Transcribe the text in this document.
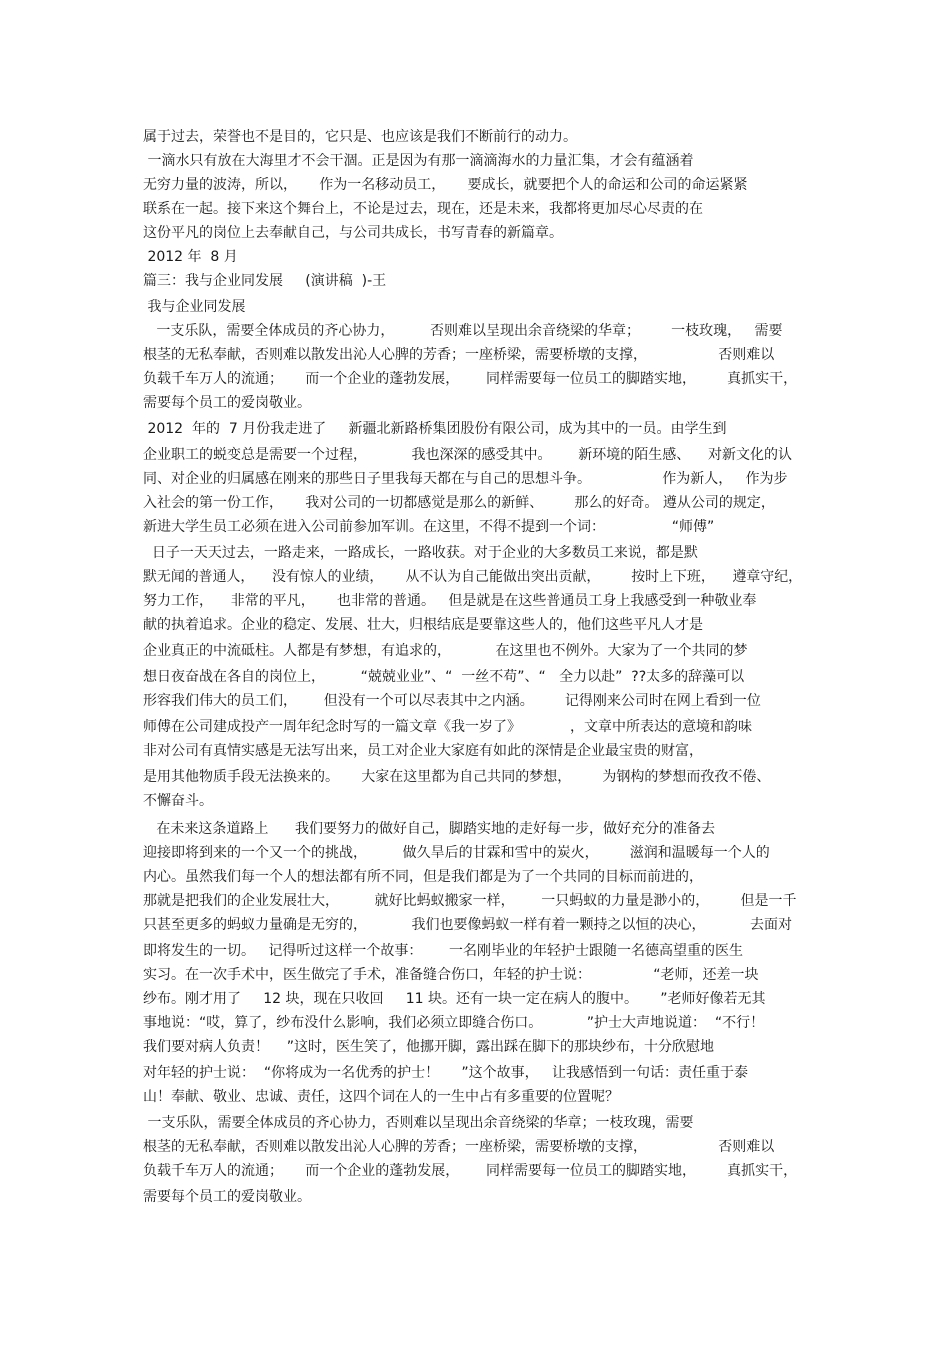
属于过去，荣誉也不是目的，它只是、也应该是我们不断前行的动力。
一滴水只有放在大海里才不会干涸。正是因为有那一滴滴海水的力量汇集，才会有蕴涵着
无穷力量的波涛，所以，     作为一名移动员工，     要成长，就要把个人的命运和公司的命运紧紧
联系在一起。接下来这个舞台上，不论是过去，现在，还是未来，我都将更加尽心尽责的在
这份平凡的岗位上去奉献自己，与公司共成长，书写青春的新篇章。
2012 年  8 月
篇三：我与企业同发展     (演讲稿  )-王
我与企业同发展
一支乐队，需要全体成员的齐心协力，        否则难以呈现出余音绕梁的华章；       一枝玫瑰，   需要
根茎的无私奉献，否则难以散发出沁人心脾的芳香；一座桥梁，需要桥墩的支撑，                否则难以
负载千车万人的流通；     而一个企业的蓬勃发展，      同样需要每一位员工的脚踏实地，       真抓实干，
需要每个员工的爱岗敬业。
2012  年的  7 月份我走进了     新疆北新路桥集团股份有限公司，成为其中的一员。由学生到
企业职工的蜕变总是需要一个过程，          我也深深的感受其中。      新环境的陌生感、    对新文化的认
同、对企业的归属感在刚来的那些日子里我每天都在与自己的思想斗争。                作为新人，   作为步
入社会的第一份工作，     我对公司的一切都感觉是那么的新鲜、       那么的好奇。 遵从公司的规定，
新进大学生员工必须在进入公司前参加军训。在这里，不得不提到一个词：               “师傅”
日子一天天过去，一路走来，一路成长，一路收获。对于企业的大多数员工来说，都是默
默无闻的普通人，    没有惊人的业绩，     从不认为自己能做出突出贡献，       按时上下班，    遵章守纪，
努力工作，    非常的平凡，     也非常的普通。   但是就是在这些普通员工身上我感受到一种敬业奉
献的执着追求。企业的稳定、发展、壮大，归根结底是要靠这些人的，他们这些平凡人才是
企业真正的中流砥柱。人都是有梦想，有追求的，          在这里也不例外。大家为了一个共同的梦
想日夜奋战在各自的岗位上，        “兢兢业业”、“  一丝不苟”、“   全力以赴”  ??太多的辞藻可以
形容我们伟大的员工们，      但没有一个可以尽表其中之内涵。       记得刚来公司时在网上看到一位
师傅在公司建成投产一周年纪念时写的一篇文章《我一岁了》           ，文章中所表达的意境和韵味
非对公司有真情实感是无法写出来，员工对企业大家庭有如此的深情是企业最宝贵的财富，
是用其他物质手段无法换来的。     大家在这里都为自己共同的梦想，       为钢构的梦想而孜孜不倦、
不懈奋斗。
在未来这条道路上      我们要努力的做好自己，脚踏实地的走好每一步，做好充分的准备去
迎接即将到来的一个又一个的挑战，        做久旱后的甘霖和雪中的炭火，       滋润和温暖每一个人的
内心。虽然我们每一个人的想法都有所不同，但是我们都是为了一个共同的目标而前进的，
那就是把我们的企业发展壮大，        就好比蚂蚁搬家一样，      一只蚂蚁的力量是渺小的，       但是一千
只甚至更多的蚂蚁力量确是无穷的，          我们也要像蚂蚁一样有着一颗持之以恒的决心，          去面对
即将发生的一切。   记得听过这样一个故事：      一名刚毕业的年轻护士跟随一名德高望重的医生
实习。在一次手术中，医生做完了手术，准备缝合伤口，年轻的护士说：              “老师，还差一块
纱布。刚才用了     12 块，现在只收回     11 块。还有一块一定在病人的腹中。     ”老师好像若无其
事地说：“哎，算了，纱布没什么影响，我们必须立即缝合伤口。          ”护士大声地说道：  “不行！
我们要对病人负责！    ”这时，医生笑了，他挪开脚，露出踩在脚下的那块纱布，十分欣慰地
对年轻的护士说：  “你将成为一名优秀的护士！     ”这个故事，   让我感悟到一句话：责任重于泰
山！奉献、敬业、忠诚、责任，这四个词在人的一生中占有多重要的位置呢？
一支乐队，需要全体成员的齐心协力，否则难以呈现出余音绕梁的华章；一枝玫瑰，需要
根茎的无私奉献，否则难以散发出沁人心脾的芳香；一座桥梁，需要桥墩的支撑，                否则难以
负载千车万人的流通；     而一个企业的蓬勃发展，      同样需要每一位员工的脚踏实地，       真抓实干，
需要每个员工的爱岗敬业。
